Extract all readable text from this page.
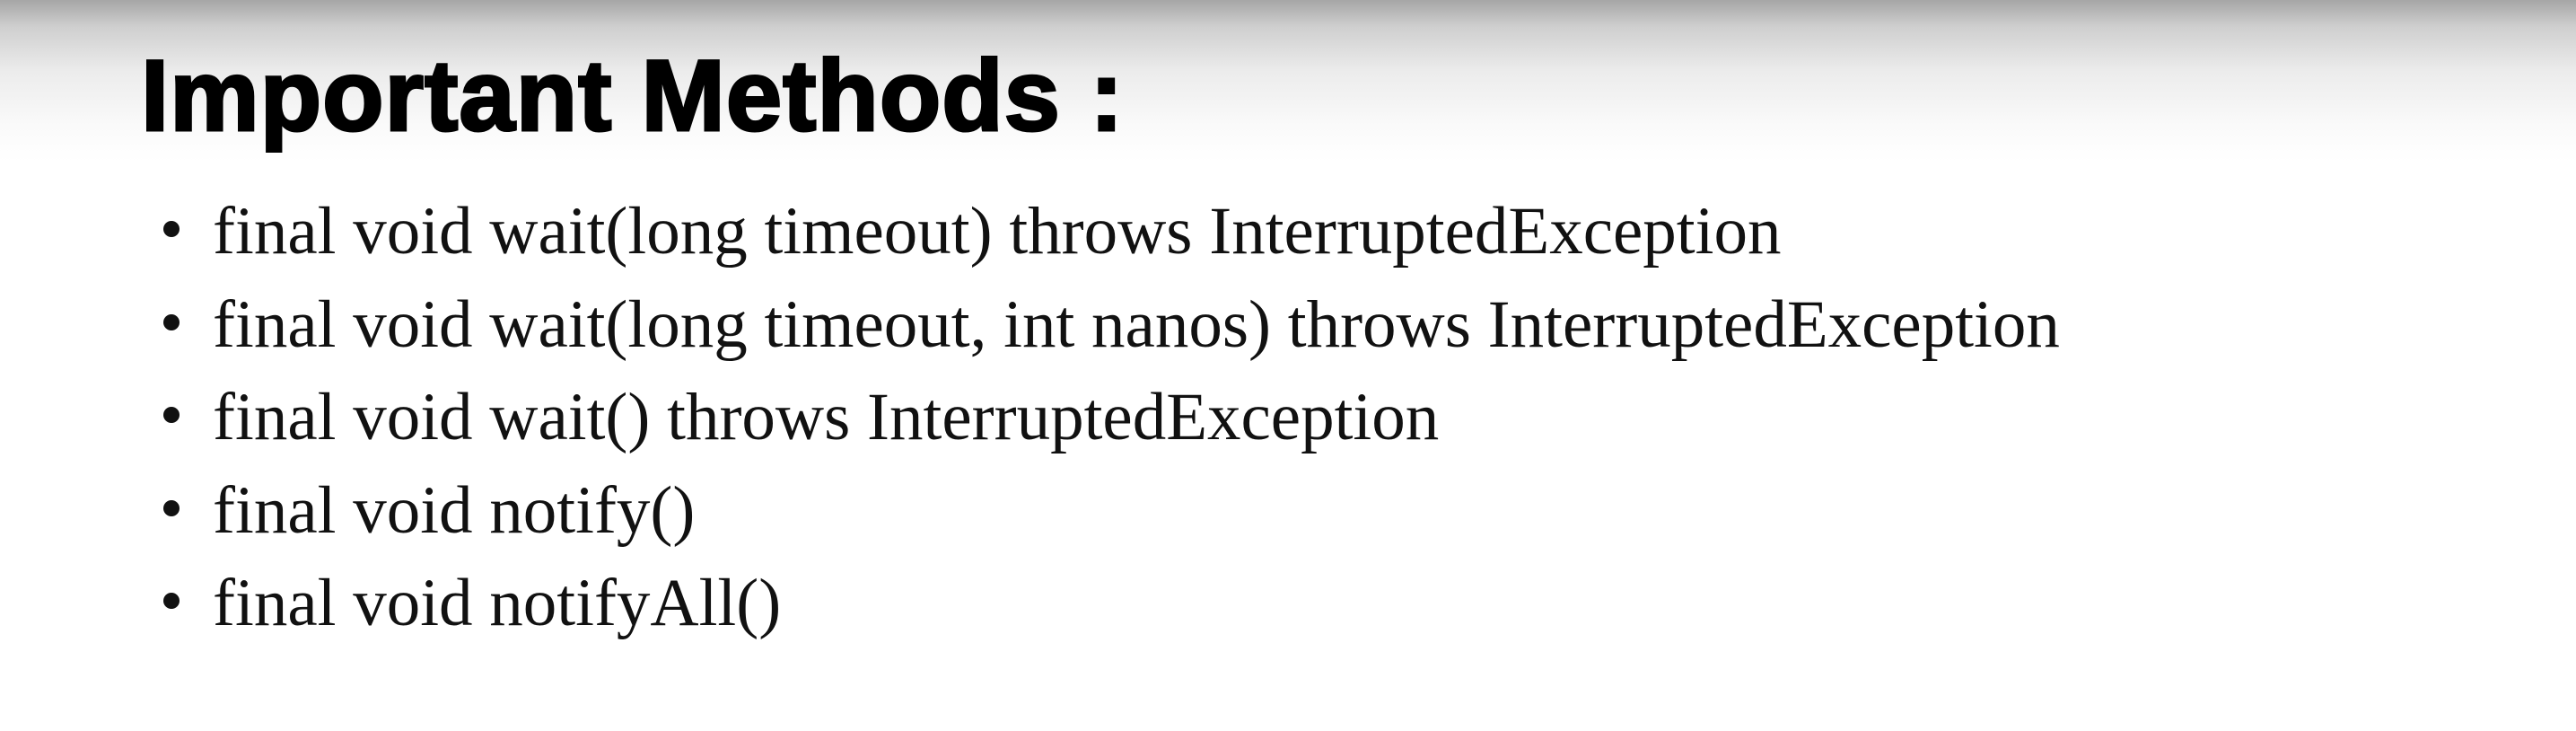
Important Methods :
final void wait(long timeout) throws InterruptedException
final void wait(long timeout, int nanos) throws InterruptedException
final void wait() throws InterruptedException
final void notify()
final void notifyAll()
